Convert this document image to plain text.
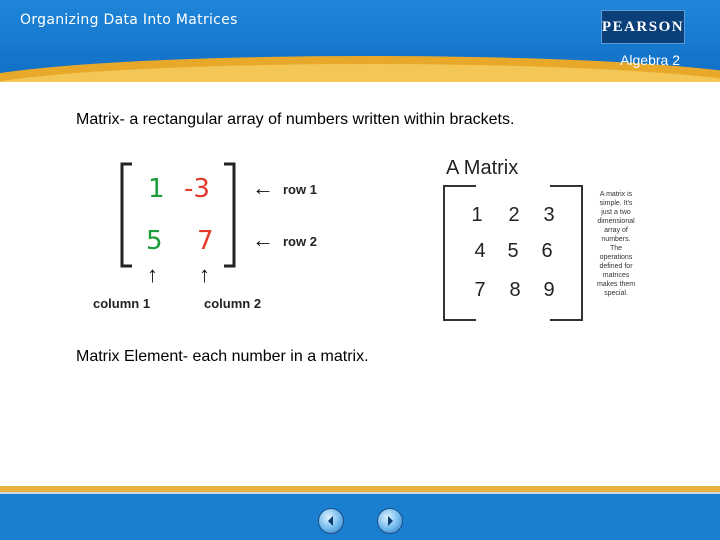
Organizing Data Into Matrices	PEARSON
Algebra 2
Matrix- a rectangular array of numbers written within brackets.
1 -3
5 7
← row 1
← row 2
↑ ↑
column 1	column 2
A Matrix
1	2	3
4	5	6
7	8	9
A matrix is
simple. It's
just a two
dimensional
array of
numbers.
The
operations
defined for
matrices
makes them
special.
Matrix Element- each number in a matrix.
